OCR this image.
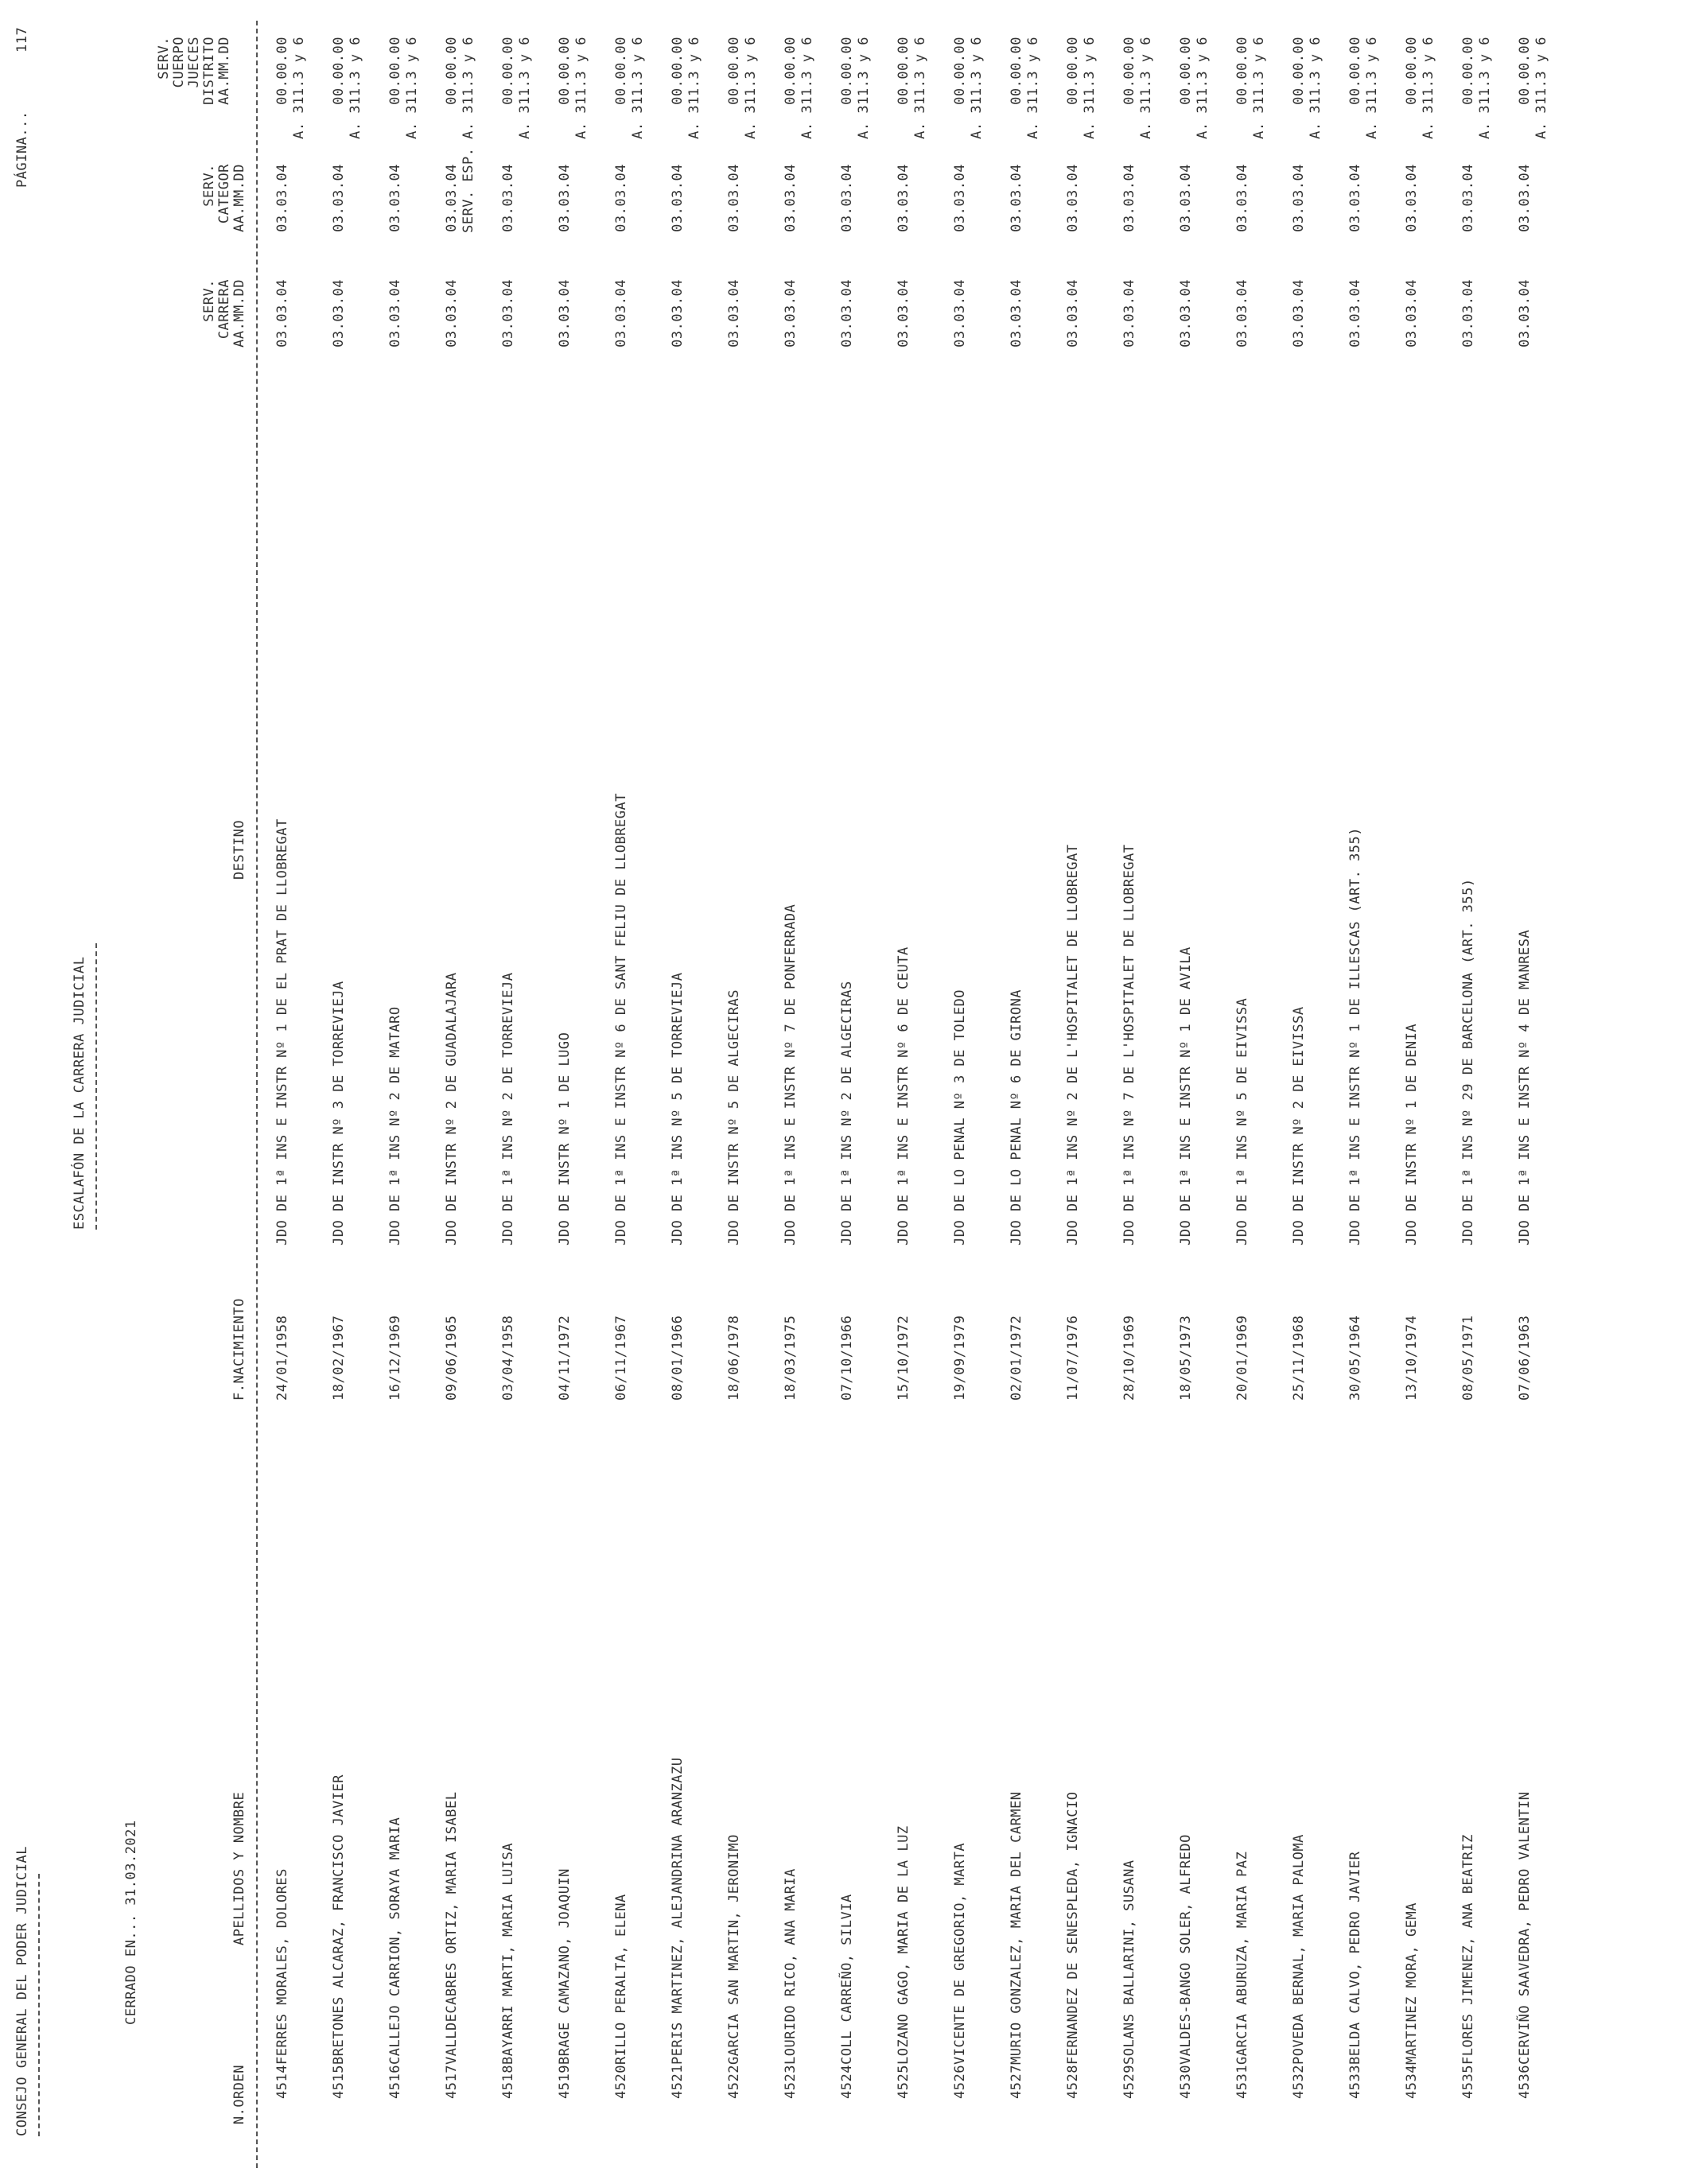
CONSEJO GENERAL DEL PODER JUDICIAL
PÁGINA...
117
ESCALAFÓN DE LA CARRERA JUDICIAL
CERRADO EN... 31.03.2021
SERV. CARRERA AA.MM.DD
SERV. CATEGOR AA.MM.DD
SERV. CUERPO JUECES DISTRITO AA.MM.DD
N.ORDEN
APELLIDOS Y NOMBRE
F.NACIMIENTO
DESTINO
4514
FERRES MORALES, DOLORES
24/01/1958
JDO DE 1ª INS E INSTR Nº 1 DE EL PRAT DE LLOBREGAT
03.03.04
03.03.04
00.00.00 A. 311.3 y 6
4515
BRETONES ALCARAZ, FRANCISCO JAVIER
18/02/1967
JDO DE INSTR Nº 3 DE TORREVIEJA
03.03.04
03.03.04
00.00.00 A. 311.3 y 6
4516
CALLEJO CARRION, SORAYA MARIA
16/12/1969
JDO DE 1ª INS Nº 2 DE MATARO
03.03.04
03.03.04
00.00.00 A. 311.3 y 6
4517
VALLDECABRES ORTIZ, MARIA ISABEL
09/06/1965
JDO DE INSTR Nº 2 DE GUADALAJARA
03.03.04
03.03.04
00.00.00 SERV. ESP. A. 311.3 y 6
4518
BAYARRI MARTI, MARIA LUISA
03/04/1958
JDO DE 1ª INS Nº 2 DE TORREVIEJA
03.03.04
03.03.04
00.00.00 A. 311.3 y 6
4519
BRAGE CAMAZANO, JOAQUIN
04/11/1972
JDO DE INSTR Nº 1 DE LUGO
03.03.04
03.03.04
00.00.00 A. 311.3 y 6
4520
RILLO PERALTA, ELENA
06/11/1967
JDO DE 1ª INS E INSTR Nº 6 DE SANT FELIU DE LLOBREGAT
03.03.04
03.03.04
00.00.00 A. 311.3 y 6
4521
PERIS MARTINEZ, ALEJANDRINA ARANZAZU
08/01/1966
JDO DE 1ª INS Nº 5 DE TORREVIEJA
03.03.04
03.03.04
00.00.00 A. 311.3 y 6
4522
GARCIA SAN MARTIN, JERONIMO
18/06/1978
JDO DE INSTR Nº 5 DE ALGECIRAS
03.03.04
03.03.04
00.00.00 A. 311.3 y 6
4523
LOURIDO RICO, ANA MARIA
18/03/1975
JDO DE 1ª INS E INSTR Nº 7 DE PONFERRADA
03.03.04
03.03.04
00.00.00 A. 311.3 y 6
4524
COLL CARREÑO, SILVIA
07/10/1966
JDO DE 1ª INS Nº 2 DE ALGECIRAS
03.03.04
03.03.04
00.00.00 A. 311.3 y 6
4525
LOZANO GAGO, MARIA DE LA LUZ
15/10/1972
JDO DE 1ª INS E INSTR Nº 6 DE CEUTA
03.03.04
03.03.04
00.00.00 A. 311.3 y 6
4526
VICENTE DE GREGORIO, MARTA
19/09/1979
JDO DE LO PENAL Nº 3 DE TOLEDO
03.03.04
03.03.04
00.00.00 A. 311.3 y 6
4527
MURIO GONZALEZ, MARIA DEL CARMEN
02/01/1972
JDO DE LO PENAL Nº 6 DE GIRONA
03.03.04
03.03.04
00.00.00 A. 311.3 y 6
4528
FERNANDEZ DE SENESPLEDA, IGNACIO
11/07/1976
JDO DE 1ª INS Nº 2 DE L'HOSPITALET DE LLOBREGAT
03.03.04
03.03.04
00.00.00 A. 311.3 y 6
4529
SOLANS BALLARINI, SUSANA
28/10/1969
JDO DE 1ª INS Nº 7 DE L'HOSPITALET DE LLOBREGAT
03.03.04
03.03.04
00.00.00 A. 311.3 y 6
4530
VALDES-BANGO SOLER, ALFREDO
18/05/1973
JDO DE 1ª INS E INSTR Nº 1 DE AVILA
03.03.04
03.03.04
00.00.00 A. 311.3 y 6
4531
GARCIA ABURUZA, MARIA PAZ
20/01/1969
JDO DE 1ª INS Nº 5 DE EIVISSA
03.03.04
03.03.04
00.00.00 A. 311.3 y 6
4532
POVEDA BERNAL, MARIA PALOMA
25/11/1968
JDO DE INSTR Nº 2 DE EIVISSA
03.03.04
03.03.04
00.00.00 A. 311.3 y 6
4533
BELDA CALVO, PEDRO JAVIER
30/05/1964
JDO DE 1ª INS E INSTR Nº 1 DE ILLESCAS (ART. 355)
03.03.04
03.03.04
00.00.00 A. 311.3 y 6
4534
MARTINEZ MORA, GEMA
13/10/1974
JDO DE INSTR Nº 1 DE DENIA
03.03.04
03.03.04
00.00.00 A. 311.3 y 6
4535
FLORES JIMENEZ, ANA BEATRIZ
08/05/1971
JDO DE 1ª INS Nº 29 DE BARCELONA (ART. 355)
03.03.04
03.03.04
00.00.00 A. 311.3 y 6
4536
CERVIÑO SAAVEDRA, PEDRO VALENTIN
07/06/1963
JDO DE 1ª INS E INSTR Nº 4 DE MANRESA
03.03.04
03.03.04
00.00.00 A. 311.3 y 6
